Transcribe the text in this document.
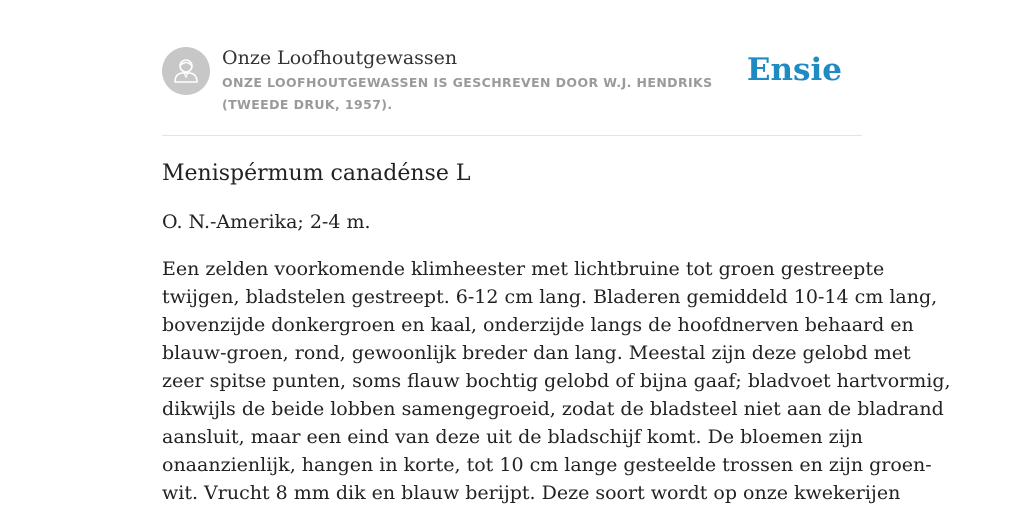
Onze Loofhoutgewassen
ONZE LOOFHOUTGEWASSEN IS GESCHREVEN DOOR W.J. HENDRIKS (TWEEDE DRUK, 1957).
Ensie
Menispérmum canadénse L

O. N.-Amerika; 2-4 m.

Een zelden voorkomende klimheester met lichtbruine tot groen gestreepte
twijgen, bladstelen gestreept. 6-12 cm lang. Bladeren gemiddeld 10-14 cm lang,
bovenzijde donkergroen en kaal, onderzijde langs de hoofdnerven behaard en
blauw-groen, rond, gewoonlijk breder dan lang. Meestal zijn deze gelobd met
zeer spitse punten, soms flauw bochtig gelobd of bijna gaaf; bladvoet hartvormig,
dikwijls de beide lobben samengegroeid, zodat de bladsteel niet aan de bladrand
aansluit, maar een eind van deze uit de bladschijf komt. De bloemen zijn
onaanzienlijk, hangen in korte, tot 10 cm lange gesteelde trossen en zijn groen-
wit. Vrucht 8 mm dik en blauw berijpt. Deze soort wordt op onze kwekerijen
